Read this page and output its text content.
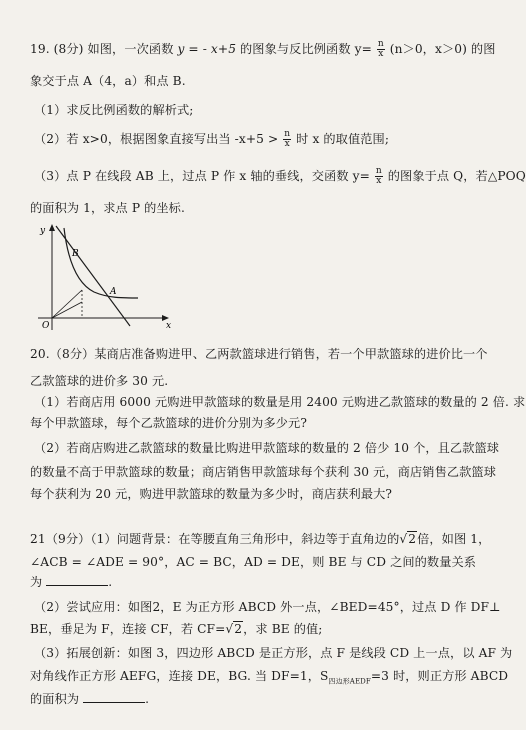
19. (8分) 如图，一次函数 y = - x+5 的图象与反比例函数 $y= \frac{n}{x} (n>0$，x＞0) 的图
象交于点 A（4，a）和点 B.
（1）求反比例函数的解析式;
（2）若 x>0，根据图象直接写出当 $-x+5 > \frac{n}{x}$ 时 x 的取值范围;
（3）点 P 在线段 AB 上，过点 P 作 x 轴的垂线，交函数 $y= \frac{n}{x}$ 的图象于点 Q，若△POQ
的面积为 1，求点 P 的坐标.
y
x
O
B
A
20.（8分）某商店准备购进甲、乙两款篮球进行销售，若一个甲款篮球的进价比一个
乙款篮球的进价多 30 元.
（1）若商店用 6000 元购进甲款篮球的数量是用 2400 元购进乙款篮球的数量的 2 倍. 求
每个甲款篮球，每个乙款篮球的进价分别为多少元?
（2）若商店购进乙款篮球的数量比购进甲款篮球的数量的 2 倍少 10 个，且乙款篮球
的数量不高于甲款篮球的数量；商店销售甲款篮球每个获利 30 元，商店销售乙款篮球
每个获利为 20 元，购进甲款篮球的数量为多少时，商店获利最大?
21（9分）（1）问题背景：在等腰直角三角形中，斜边等于直角边的√2倍，如图 1，
∠ACB = ∠ADE = 90°，AC = BC，AD = DE，则 BE 与 CD 之间的数量关系
为	.
（2）尝试应用：如图2，E 为正方形 ABCD 外一点，∠BED=45°，过点 D 作 DF⊥
BE，垂足为 F，连接 CF，若 CF=√2，求 BE 的值;
（3）拓展创新：如图 3，四边形 ABCD 是正方形，点 F 是线段 CD 上一点，以 AF 为
对角线作正方形 AEFG，连接 DE，BG. 当 DF=1，$S_{四边形AEDF}=3$ 时，则正方形 ABCD
的面积为	.
